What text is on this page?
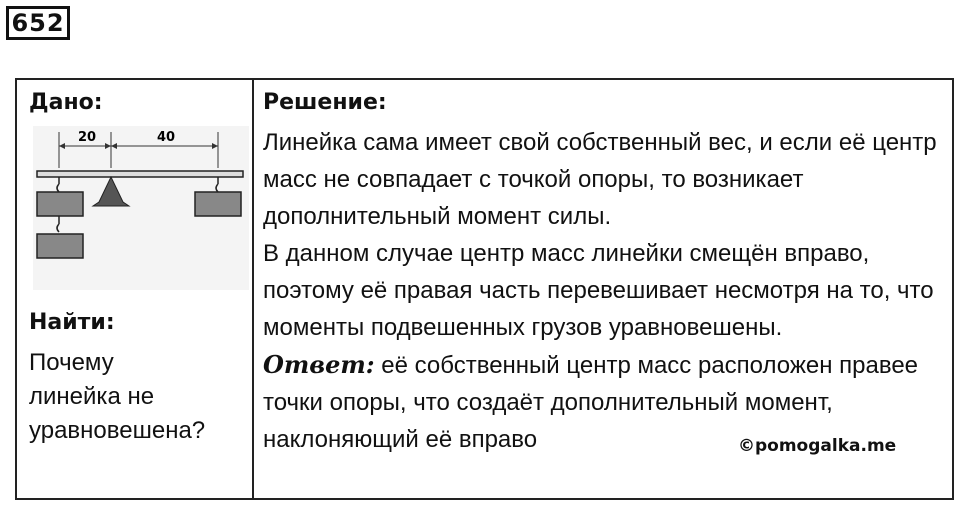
652
Дано:
20	40
Найти:
Почему
линейка не
уравновешена?
Решение:

Линейка сама имеет свой собственный вес, и если её центр масс не совпадает с точкой опоры, то возникает дополнительный момент силы.

В данном случае центр масс линейки смещён вправо, поэтому её правая часть перевешивает несмотря на то, что моменты подвешенных грузов уравновешены.

Ответ: её собственный центр масс расположен правее точки опоры, что создаёт дополнительный момент, наклоняющий её вправо	©pomogalka.me
